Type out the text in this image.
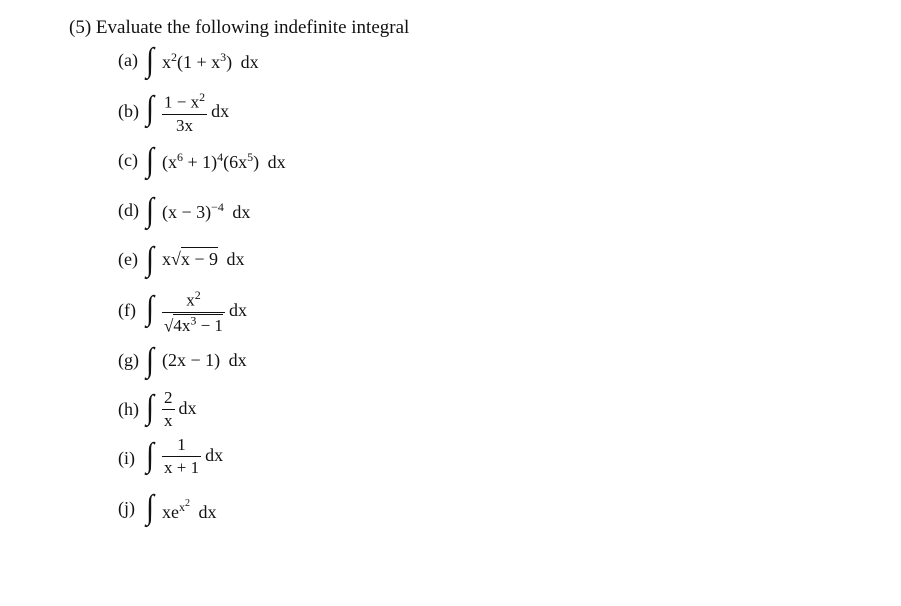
(5) Evaluate the following indefinite integral
(a) ∫ $x^2(1 + x^3)$ dx
(b) ∫ $\frac{1 - x^2}{3x}$ dx
(c) ∫ $(x^6 + 1)^4(6x^5)$ dx
(d) ∫ $(x - 3)^{-4}$ dx
(e) ∫ x√x − 9 dx
(f) ∫ $\frac{x^2}{√4x^3 - 1}$ dx
(g) ∫ (2x − 1) dx
(h) ∫ $\frac{2}{x}$ dx
(i) ∫ $\frac{1}{x + 1}$ dx
(j) ∫ $xe^{x^2}$ dx
